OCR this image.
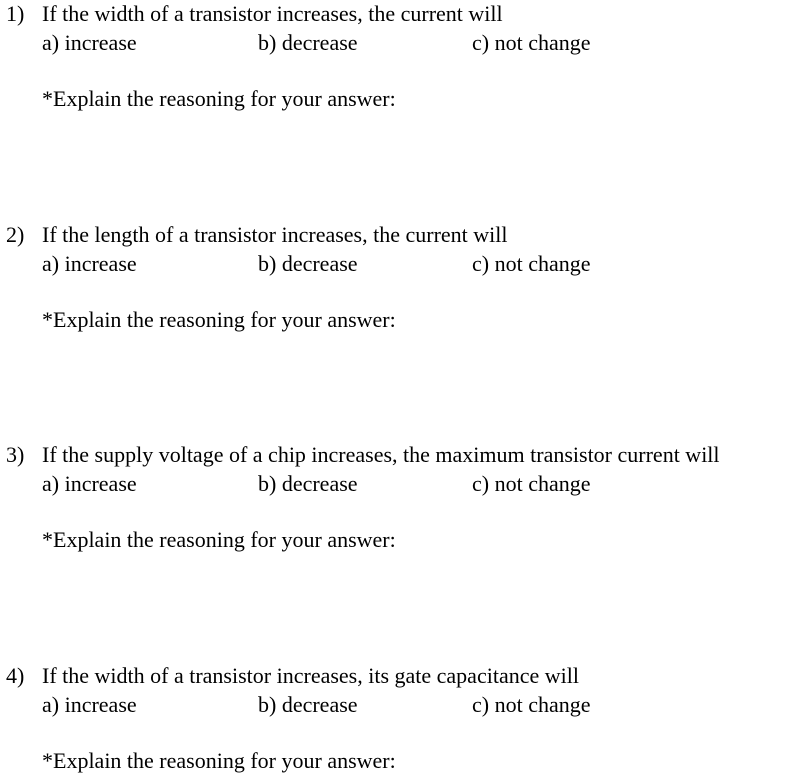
1) If the width of a transistor increases, the current will
a) increase	b) decrease	c) not change
*Explain the reasoning for your answer:
2) If the length of a transistor increases, the current will
a) increase	b) decrease	c) not change
*Explain the reasoning for your answer:
3) If the supply voltage of a chip increases, the maximum transistor current will
a) increase	b) decrease	c) not change
*Explain the reasoning for your answer:
4) If the width of a transistor increases, its gate capacitance will
a) increase	b) decrease	c) not change
*Explain the reasoning for your answer:
